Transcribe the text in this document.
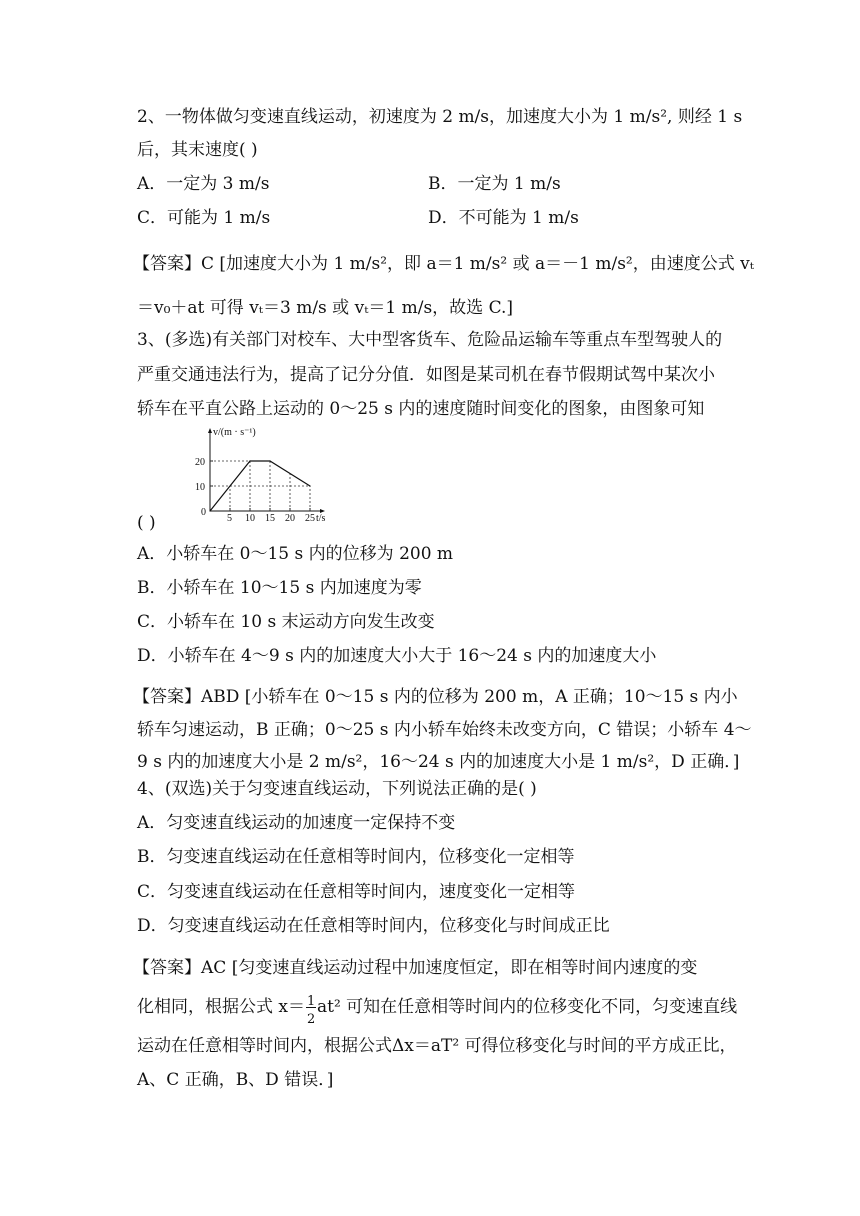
2、一物体做匀变速直线运动，初速度为 2 m/s，加速度大小为 1 m/s², 则经 1 s
后，其末速度( )
A．一定为 3 m/s	B．一定为 1 m/s
C．可能为 1 m/s	D．不可能为 1 m/s
【答案】C [加速度大小为 1 m/s²，即 a＝1 m/s² 或 a＝－1 m/s²，由速度公式 vₜ
＝v₀＋at 可得 vₜ＝3 m/s 或 vₜ＝1 m/s，故选 C.]
3、(多选)有关部门对校车、大中型客货车、危险品运输车等重点车型驾驶人的
严重交通违法行为，提高了记分分值．如图是某司机在春节假期试驾中某次小
轿车在平直公路上运动的 0～25 s 内的速度随时间变化的图象，由图象可知
v/(m · s⁻¹)
t/s
0
10
20
5 10 15 20 25
( )
A．小轿车在 0～15 s 内的位移为 200 m
B．小轿车在 10～15 s 内加速度为零
C．小轿车在 10 s 末运动方向发生改变
D．小轿车在 4～9 s 内的加速度大小大于 16～24 s 内的加速度大小
【答案】ABD [小轿车在 0～15 s 内的位移为 200 m，A 正确；10～15 s 内小
轿车匀速运动，B 正确；0～25 s 内小轿车始终未改变方向，C 错误；小轿车 4～
9 s 内的加速度大小是 2 m/s²，16～24 s 内的加速度大小是 1 m/s²，D 正确．]
4、(双选)关于匀变速直线运动，下列说法正确的是( )
A．匀变速直线运动的加速度一定保持不变
B．匀变速直线运动在任意相等时间内，位移变化一定相等
C．匀变速直线运动在任意相等时间内，速度变化一定相等
D．匀变速直线运动在任意相等时间内，位移变化与时间成正比
【答案】AC [匀变速直线运动过程中加速度恒定，即在相等时间内速度的变
化相同，根据公式 $x= \frac{1}{2} at^2$ 可知在任意相等时间内的位移变化不同，匀变速直线
运动在任意相等时间内，根据公式Δx＝aT² 可得位移变化与时间的平方成正比，
A、C 正确，B、D 错误．]
